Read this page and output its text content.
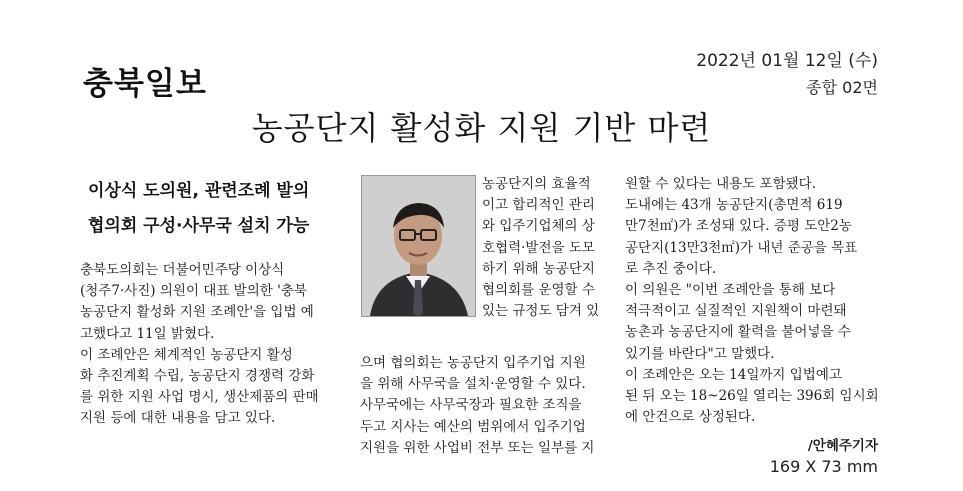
충북일보
2022년 01월 12일 (수)
종합 02면
농공단지 활성화 지원 기반 마련
이상식 도의원, 관련조례 발의
협의회 구성·사무국 설치 가능

충북도의회는 더불어민주당 이상식

(청주7·사진) 의원이 대표 발의한 '충북

농공단지 활성화 지원 조례안'을 입법 예

고했다고 11일 밝혔다.

이 조례안은 체계적인 농공단지 활성

화 추진계획 수립, 농공단지 경쟁력 강화

를 위한 지원 사업 명시, 생산제품의 판매

지원 등에 대한 내용을 담고 있다.

농공단지의 효율적

이고 합리적인 관리

와 입주기업체의 상

호협력·발전을 도모

하기 위해 농공단지

협의회를 운영할 수

있는 규정도 담겨 있

으며 협의회는 농공단지 입주기업 지원

을 위해 사무국을 설치·운영할 수 있다.

사무국에는 사무국장과 필요한 조직을

두고 지사는 예산의 범위에서 입주기업

지원을 위한 사업비 전부 또는 일부를 지

원할 수 있다는 내용도 포함됐다.

도내에는 43개 농공단지(총면적 619

만7천㎡)가 조성돼 있다. 증평 도안2농

공단지(13만3천㎡)가 내년 준공을 목표

로 추진 중이다.

이 의원은 "이번 조례안을 통해 보다

적극적이고 실질적인 지원책이 마련돼

농촌과 농공단지에 활력을 불어넣을 수

있기를 바란다"고 말했다.

이 조례안은 오는 14일까지 입법예고

된 뒤 오는 18~26일 열리는 396회 임시회

에 안건으로 상정된다.

/안혜주기자
169 X 73 mm
